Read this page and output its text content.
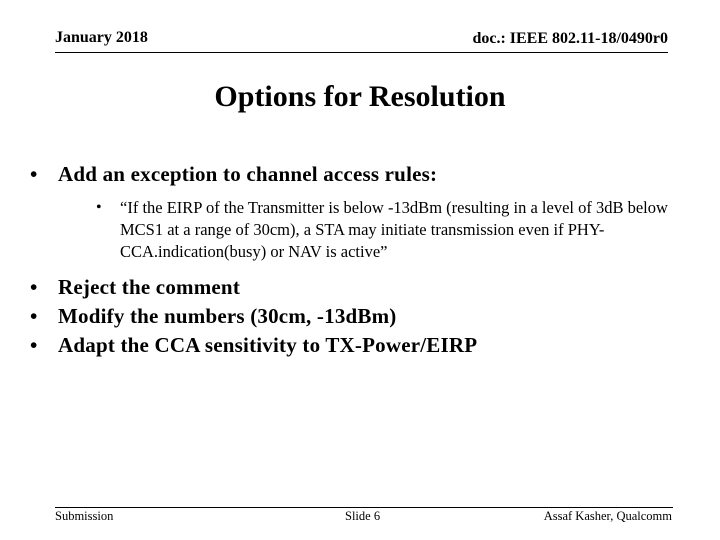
January 2018	doc.: IEEE 802.11-18/0490r0
Options for Resolution
• Add an exception to channel access rules:
• “If the EIRP of the Transmitter is below -13dBm (resulting in a level of 3dB below MCS1 at a range of 30cm), a STA may initiate transmission even if PHY-CCA.indication(busy) or NAV is active”
• Reject the comment
• Modify the numbers (30cm, -13dBm)
• Adapt the CCA sensitivity to TX-Power/EIRP
Submission	Slide 6	Assaf Kasher, Qualcomm
